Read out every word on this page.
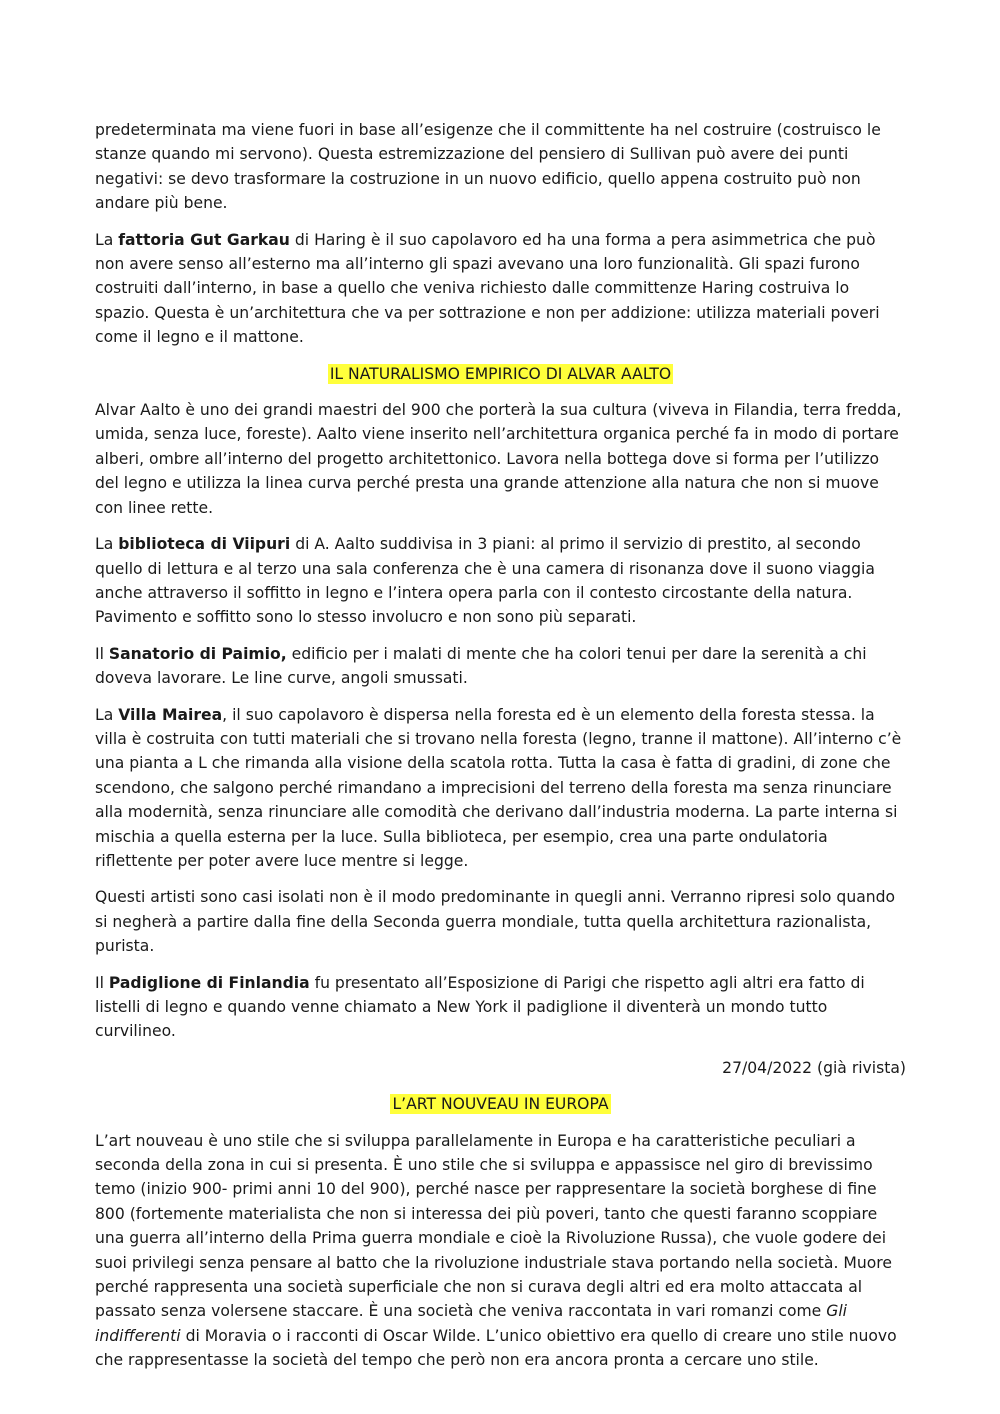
predeterminata ma viene fuori in base all’esigenze che il committente ha nel costruire (costruisco le stanze quando mi servono). Questa estremizzazione del pensiero di Sullivan può avere dei punti negativi: se devo trasformare la costruzione in un nuovo edificio, quello appena costruito può non andare più bene.

La fattoria Gut Garkau di Haring è il suo capolavoro ed ha una forma a pera asimmetrica che può non avere senso all’esterno ma all’interno gli spazi avevano una loro funzionalità. Gli spazi furono costruiti dall’interno, in base a quello che veniva richiesto dalle committenze Haring costruiva lo spazio. Questa è un’architettura che va per sottrazione e non per addizione: utilizza materiali poveri come il legno e il mattone.

IL NATURALISMO EMPIRICO DI ALVAR AALTO

Alvar Aalto è uno dei grandi maestri del 900 che porterà la sua cultura (viveva in Filandia, terra fredda, umida, senza luce, foreste). Aalto viene inserito nell’architettura organica perché fa in modo di portare alberi, ombre all’interno del progetto architettonico. Lavora nella bottega dove si forma per l’utilizzo del legno e utilizza la linea curva perché presta una grande attenzione alla natura che non si muove con linee rette.

La biblioteca di Viipuri di A. Aalto suddivisa in 3 piani: al primo il servizio di prestito, al secondo quello di lettura e al terzo una sala conferenza che è una camera di risonanza dove il suono viaggia anche attraverso il soffitto in legno e l’intera opera parla con il contesto circostante della natura. Pavimento e soffitto sono lo stesso involucro e non sono più separati.

Il Sanatorio di Paimio, edificio per i malati di mente che ha colori tenui per dare la serenità a chi doveva lavorare. Le line curve, angoli smussati.

La Villa Mairea, il suo capolavoro è dispersa nella foresta ed è un elemento della foresta stessa. la villa è costruita con tutti materiali che si trovano nella foresta (legno, tranne il mattone). All’interno c’è una pianta a L che rimanda alla visione della scatola rotta. Tutta la casa è fatta di gradini, di zone che scendono, che salgono perché rimandano a imprecisioni del terreno della foresta ma senza rinunciare alla modernità, senza rinunciare alle comodità che derivano dall’industria moderna. La parte interna si mischia a quella esterna per la luce. Sulla biblioteca, per esempio, crea una parte ondulatoria riflettente per poter avere luce mentre si legge.

Questi artisti sono casi isolati non è il modo predominante in quegli anni. Verranno ripresi solo quando si negherà a partire dalla fine della Seconda guerra mondiale, tutta quella architettura razionalista, purista.

Il Padiglione di Finlandia fu presentato all’Esposizione di Parigi che rispetto agli altri era fatto di listelli di legno e quando venne chiamato a New York il padiglione il diventerà un mondo tutto curvilineo.

27/04/2022 (già rivista)
L’ART NOUVEAU IN EUROPA

L’art nouveau è uno stile che si sviluppa parallelamente in Europa e ha caratteristiche peculiari a seconda della zona in cui si presenta. È uno stile che si sviluppa e appassisce nel giro di brevissimo temo (inizio 900- primi anni 10 del 900), perché nasce per rappresentare la società borghese di fine 800 (fortemente materialista che non si interessa dei più poveri, tanto che questi faranno scoppiare una guerra all’interno della Prima guerra mondiale e cioè la Rivoluzione Russa), che vuole godere dei suoi privilegi senza pensare al batto che la rivoluzione industriale stava portando nella società. Muore perché rappresenta una società superficiale che non si curava degli altri ed era molto attaccata al passato senza volersene staccare. È una società che veniva raccontata in vari romanzi come Gli indifferenti di Moravia o i racconti di Oscar Wilde. L’unico obiettivo era quello di creare uno stile nuovo che rappresentasse la società del tempo che però non era ancora pronta a cercare uno stile.
